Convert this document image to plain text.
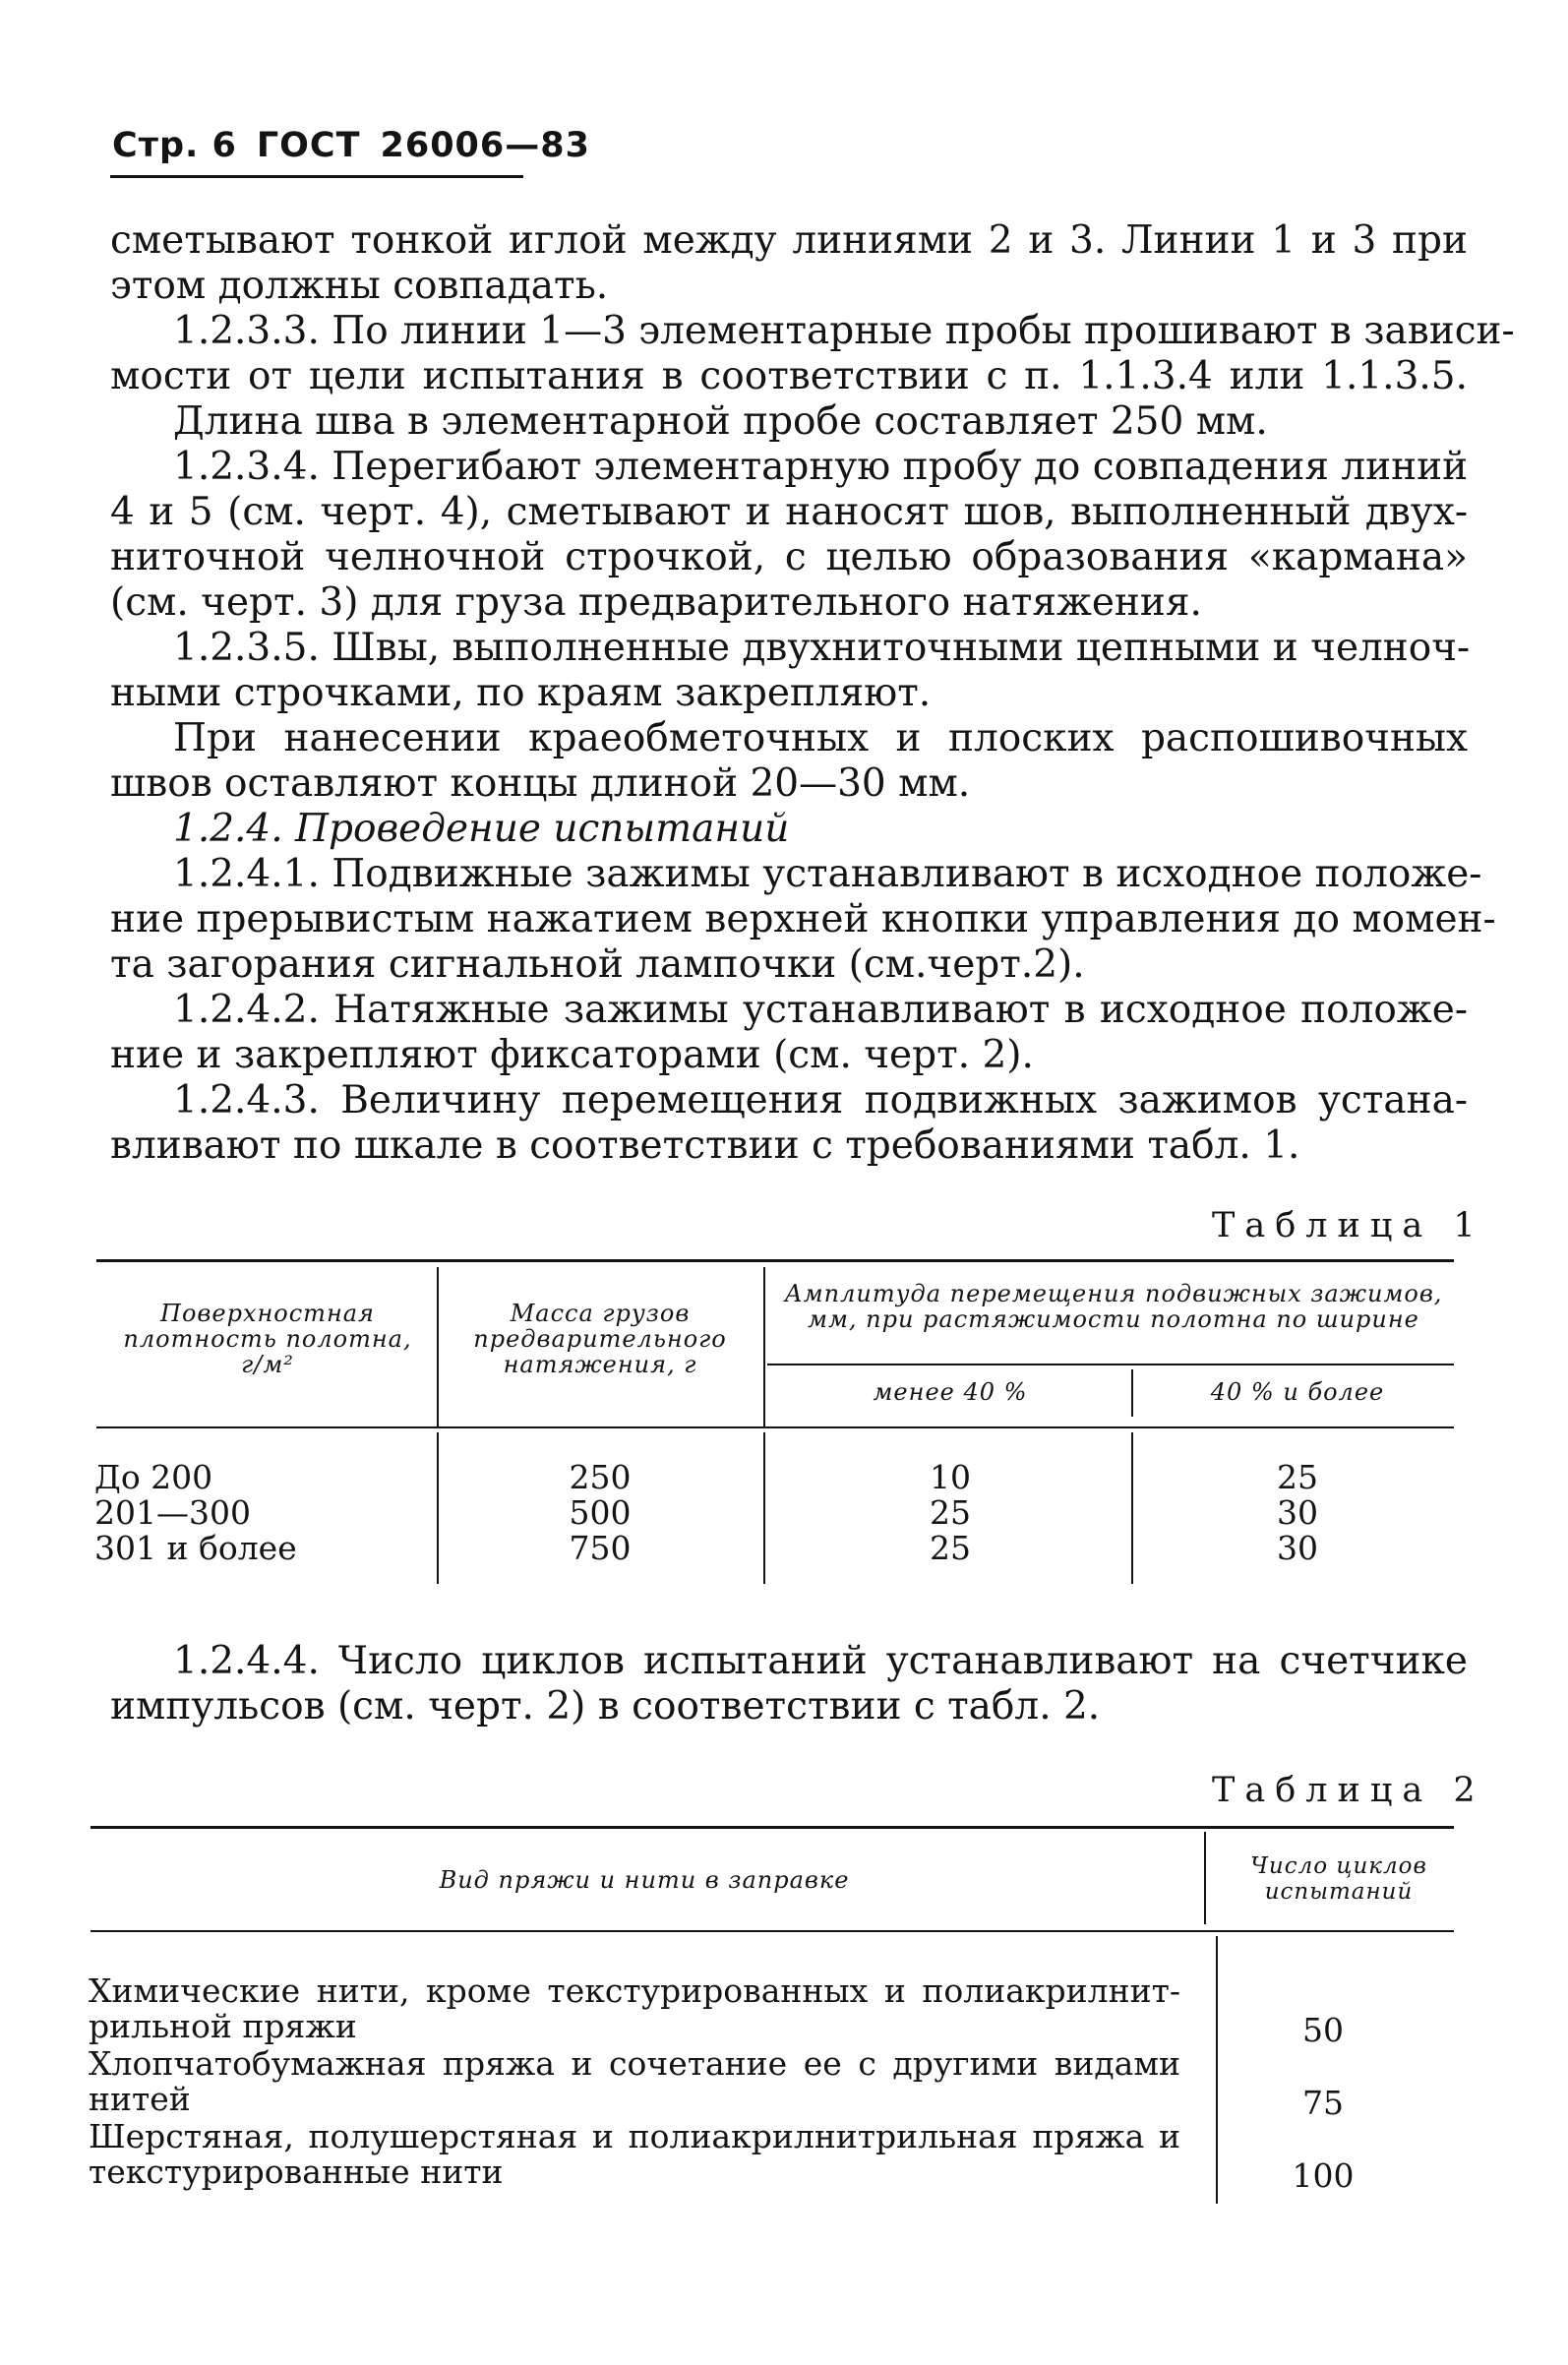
Стр. 6 ГОСТ 26006—83
сметывают тонкой иглой между линиями 2 и 3. Линии 1 и 3 при
этом должны совпадать.
1.2.3.3. По линии 1—3 элементарные пробы прошивают в зависи-
мости от цели испытания в соответствии с п. 1.1.3.4 или 1.1.3.5.
Длина шва в элементарной пробе составляет 250 мм.
1.2.3.4. Перегибают элементарную пробу до совпадения линий
4 и 5 (см. черт. 4), сметывают и наносят шов, выполненный двух-
ниточной челночной строчкой, с целью образования «кармана»
(см. черт. 3) для груза предварительного натяжения.
1.2.3.5. Швы, выполненные двухниточными цепными и челноч-
ными строчками, по краям закрепляют.
При нанесении краеобметочных и плоских распошивочных
швов оставляют концы длиной 20—30 мм.
1.2.4. Проведение испытаний
1.2.4.1. Подвижные зажимы устанавливают в исходное положе-
ние прерывистым нажатием верхней кнопки управления до момен-
та загорания сигнальной лампочки (см.черт.2).
1.2.4.2. Натяжные зажимы устанавливают в исходное положе-
ние и закрепляют фиксаторами (см. черт. 2).
1.2.4.3. Величину перемещения подвижных зажимов устана-
вливают по шкале в соответствии с требованиями табл. 1.
Таблица 1
Поверхностная плотность полотна, г/м²
Масса грузов предварительного натяжения, г
Амплитуда перемещения подвижных зажимов, мм, при растяжимости полотна по ширине
менее 40 %	40 % и более
До 200	250	10	25
201—300	500	25	30
301 и более	750	25	30
1.2.4.4. Число циклов испытаний устанавливают на счетчике
импульсов (см. черт. 2) в соответствии с табл. 2.
Таблица 2
Вид пряжи и нити в заправке	Число циклов испытаний
Химические нити, кроме текстурированных и полиакрилнит-
рильной пряжи	50
Хлопчатобумажная пряжа и сочетание ее с другими видами
нитей	75
Шерстяная, полушерстяная и полиакрилнитрильная пряжа и
текстурированные нити	100
